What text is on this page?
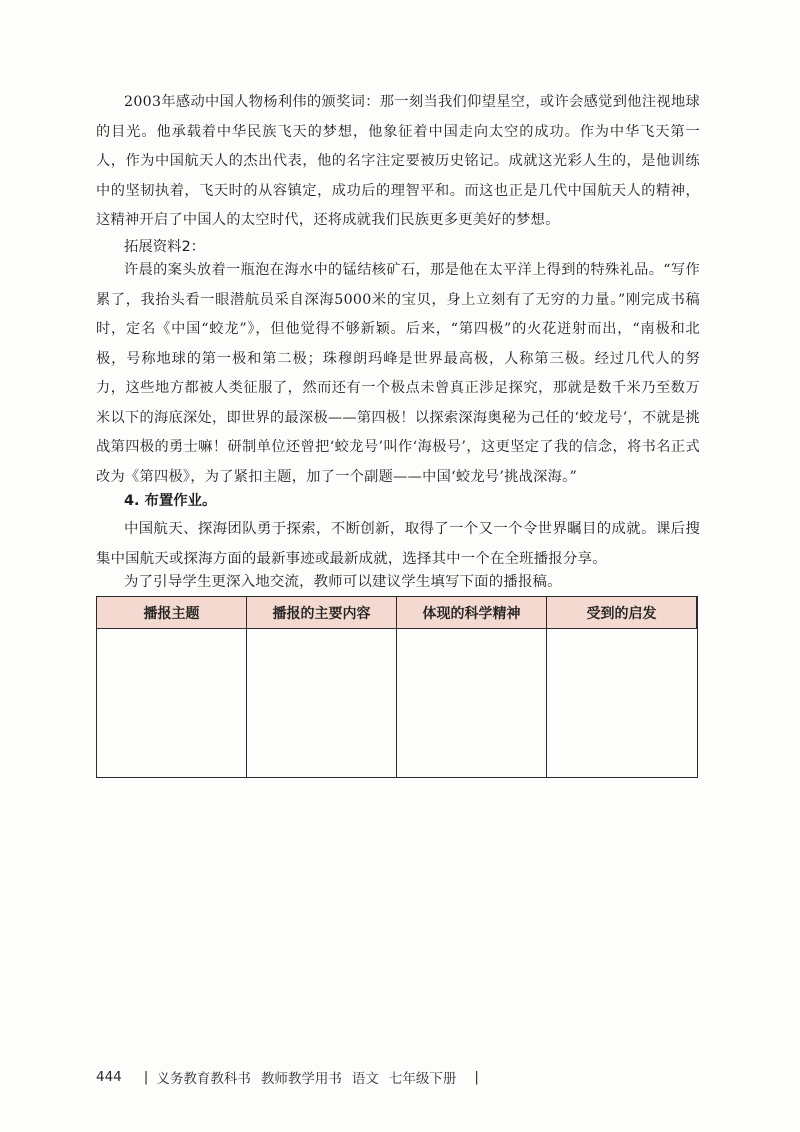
2003年感动中国人物杨利伟的颁奖词：那一刻当我们仰望星空，或许会感觉到他注视地球的目光。他承载着中华民族飞天的梦想，他象征着中国走向太空的成功。作为中华飞天第一人，作为中国航天人的杰出代表，他的名字注定要被历史铭记。成就这光彩人生的，是他训练中的坚韧执着，飞天时的从容镇定，成功后的理智平和。而这也正是几代中国航天人的精神，这精神开启了中国人的太空时代，还将成就我们民族更多更美好的梦想。

拓展资料2：

许晨的案头放着一瓶泡在海水中的锰结核矿石，那是他在太平洋上得到的特殊礼品。“写作累了，我抬头看一眼潜航员采自深海5000米的宝贝，身上立刻有了无穷的力量。”刚完成书稿时，定名《中国“蛟龙”》，但他觉得不够新颖。后来，“第四极”的火花迸射而出，“南极和北极，号称地球的第一极和第二极；珠穆朗玛峰是世界最高极，人称第三极。经过几代人的努力，这些地方都被人类征服了，然而还有一个极点未曾真正涉足探究，那就是数千米乃至数万米以下的海底深处，即世界的最深极——第四极！以探索深海奥秘为己任的‘蛟龙号’，不就是挑战第四极的勇士嘛！研制单位还曾把‘蛟龙号’叫作‘海极号’，这更坚定了我的信念，将书名正式改为《第四极》，为了紧扣主题，加了一个副题——中国‘蛟龙号’挑战深海。”

4. 布置作业。

中国航天、探海团队勇于探索，不断创新，取得了一个又一个令世界瞩目的成就。课后搜集中国航天或探海方面的最新事迹或最新成就，选择其中一个在全班播报分享。

为了引导学生更深入地交流，教师可以建议学生填写下面的播报稿。

播报主题	播报的主要内容	体现的科学精神	受到的启发
444 | 义务教育教科书 教师教学用书 语文 七年级下册 |
